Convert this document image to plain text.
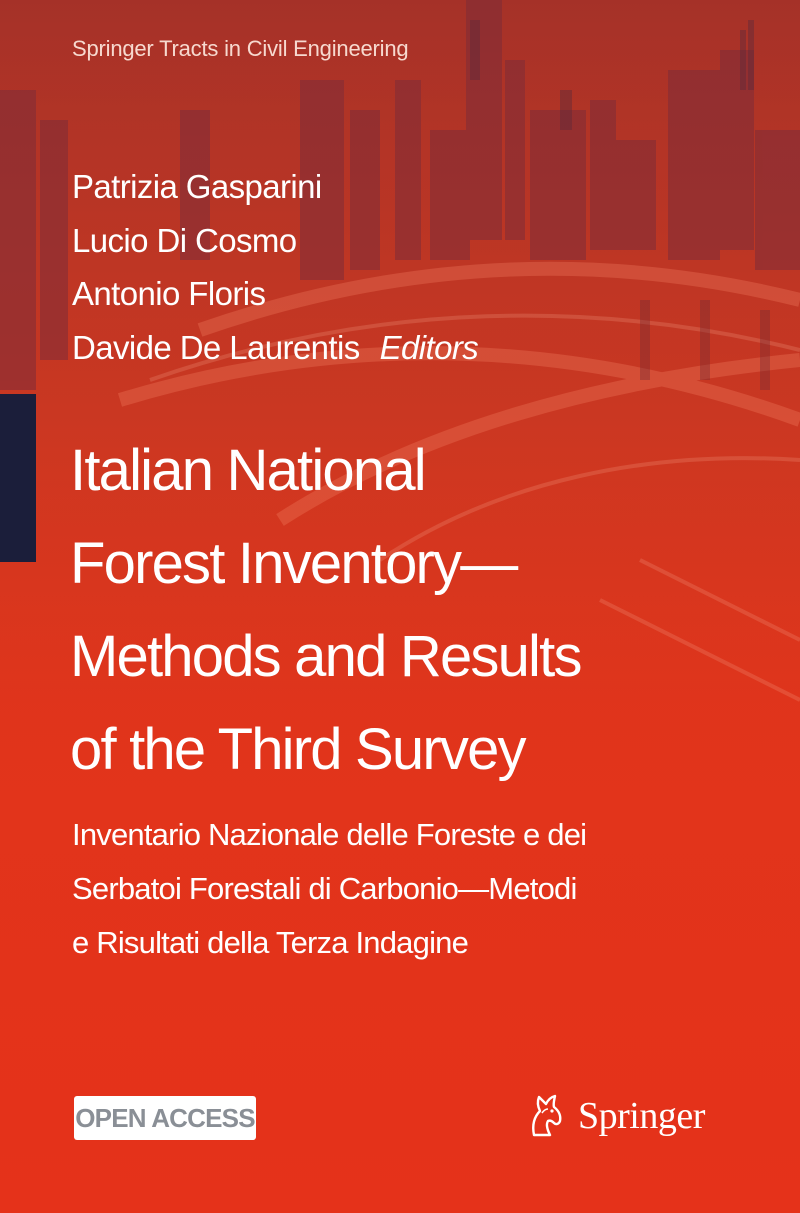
Springer Tracts in Civil Engineering
Patrizia Gasparini
Lucio Di Cosmo
Antonio Floris
Davide De Laurentis Editors
Italian National
Forest Inventory—
Methods and Results
of the Third Survey
Inventario Nazionale delle Foreste e dei
Serbatoi Forestali di Carbonio—Metodi
e Risultati della Terza Indagine
OPEN ACCESS	Springer
